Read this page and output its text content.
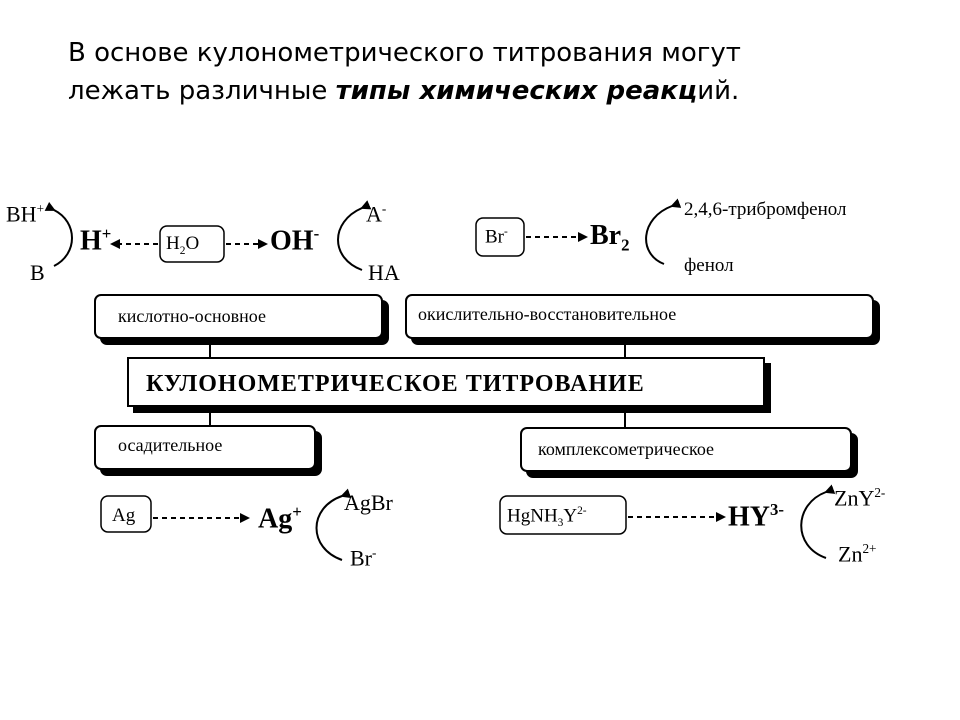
В основе кулонометрического титрования могут
лежать различные типы химических реакций.
кислотно-основное	окислительно-восстановительное
КУЛОНОМЕТРИЧЕСКОЕ ТИТРОВАНИЕ
осадительное	комплексометрическое
BH+
B
H+	$H_2O$	OH-
A-
HA
Br-	$Br_2$
2,4,6-трибромфенол
фенол
Ag	Ag+ AgBr
Br-
$HgNH_3Y^{2-}$	$HY^{3-}$ ZnY$^{2-}$
$Zn^{2+}$
